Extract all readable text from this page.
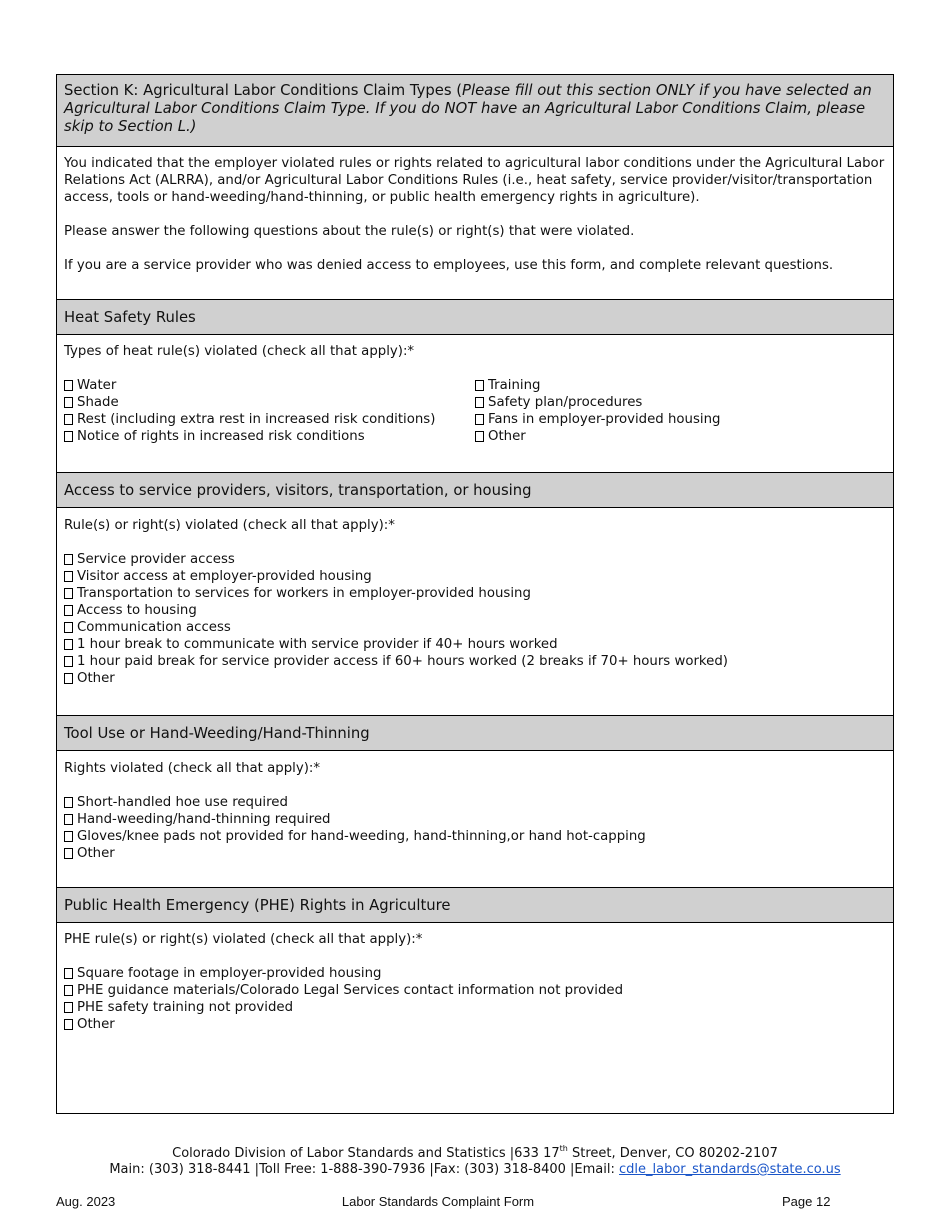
Section K: Agricultural Labor Conditions Claim Types (Please fill out this section ONLY if you have selected an Agricultural Labor Conditions Claim Type. If you do NOT have an Agricultural Labor Conditions Claim, please skip to Section L.)

You indicated that the employer violated rules or rights related to agricultural labor conditions under the Agricultural Labor Relations Act (ALRRA), and/or Agricultural Labor Conditions Rules (i.e., heat safety, service provider/visitor/transportation access, tools or hand-weeding/hand-thinning, or public health emergency rights in agriculture).

Please answer the following questions about the rule(s) or right(s) that were violated.

If you are a service provider who was denied access to employees, use this form, and complete relevant questions.

Heat Safety Rules

Types of heat rule(s) violated (check all that apply):*

Water
Shade
Rest (including extra rest in increased risk conditions)
Notice of rights in increased risk conditions
Training
Safety plan/procedures
Fans in employer-provided housing
Other
Access to service providers, visitors, transportation, or housing

Rule(s) or right(s) violated (check all that apply):*

Service provider access
Visitor access at employer-provided housing
Transportation to services for workers in employer-provided housing
Access to housing
Communication access
1 hour break to communicate with service provider if 40+ hours worked
1 hour paid break for service provider access if 60+ hours worked (2 breaks if 70+ hours worked)
Other
Tool Use or Hand-Weeding/Hand-Thinning

Rights violated (check all that apply):*

Short-handled hoe use required
Hand-weeding/hand-thinning required
Gloves/knee pads not provided for hand-weeding, hand-thinning,or hand hot-capping
Other
Public Health Emergency (PHE) Rights in Agriculture

PHE rule(s) or right(s) violated (check all that apply):*

Square footage in employer-provided housing
PHE guidance materials/Colorado Legal Services contact information not provided
PHE safety training not provided
Other
Colorado Division of Labor Standards and Statistics |633 17th Street, Denver, CO 80202-2107
Main: (303) 318-8441 |Toll Free: 1-888-390-7936 |Fax: (303) 318-8400 |Email: cdle_labor_standards@state.co.us
Aug. 2023	Labor Standards Complaint Form	Page 12
